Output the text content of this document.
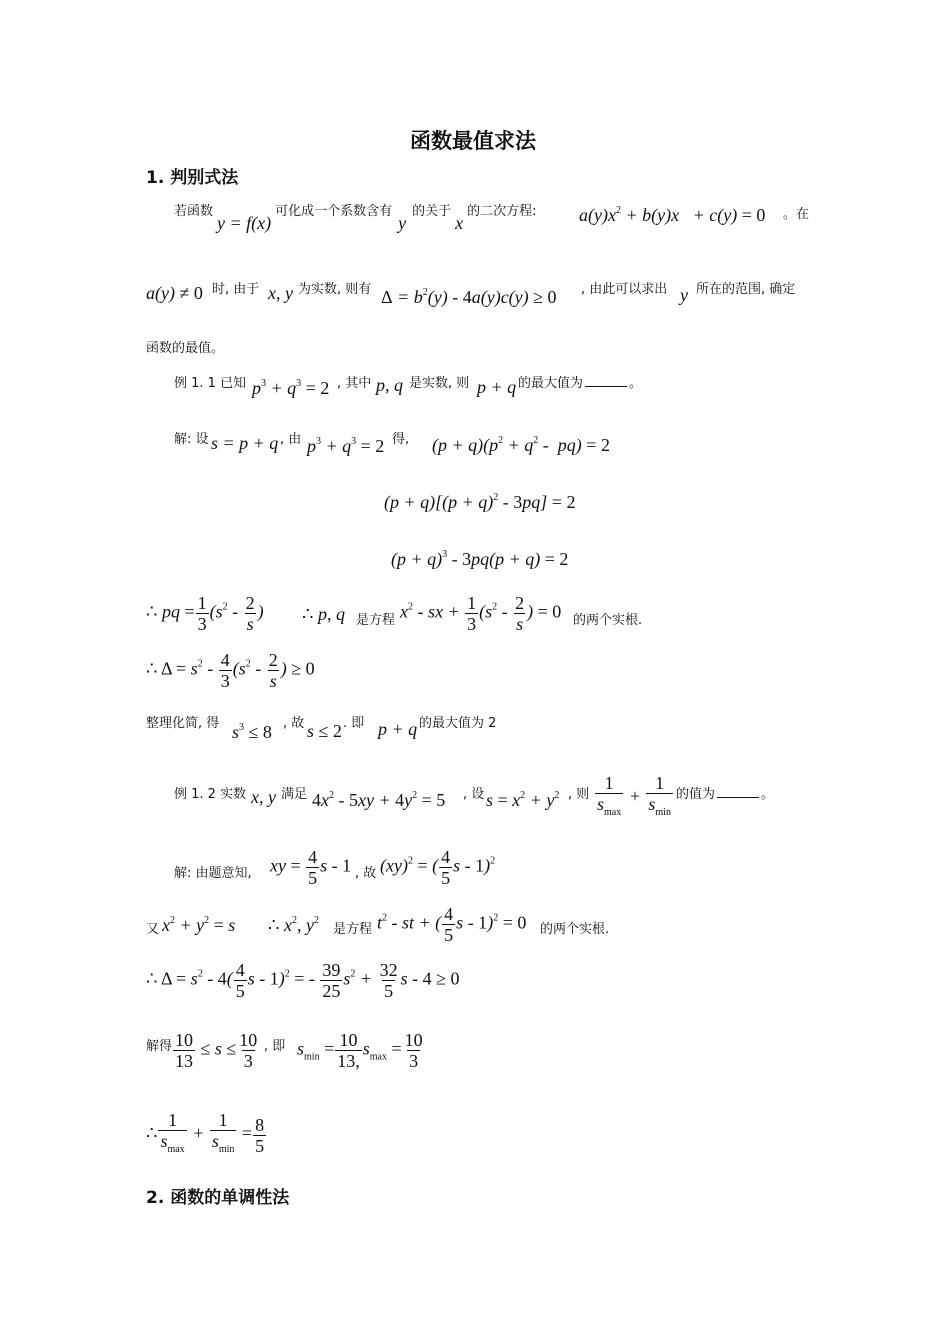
函数最值求法
1. 判别式法
$^{若函数}y = f(x)^{可化成一个系数含有}y^{的关于}x^{的二次方程:}$ $a(y)x^2 + b(y)x + c(y) = 0$ 。在
a(y) ≠ 0 时, 由于 x, y 为实数, 则有 $\Delta = b^2(y) - 4a(y)c(y) \ge 0$ , 由此可以求出 y 所在的范围, 确定
函数的最值。
例 1. 1 已知 $p^3 + q^3 = 2$ , 其中 p, q 是实数, 则 p + q 的最大值为	。
解: 设 s = p + q , 由 $p^3 + q^3 = 2$ 得, $(p + q)(p^2 + q^2 - pq) = 2$
$(p + q)[(p + q)^2 - 3pq] = 2$
$(p + q)^3 - 3pq(p + q) = 2$
∴ pq = $\frac{1}{3} (s^2 - \frac{2}{s}$ ) ∴ p, q 是方程 $x^2$ - sx + $\frac{1}{3} (s^2 - \frac{2}{s}$ ) = 0 的两个实根.
∴ $\Delta = s^2 - \frac{4}{3} (s^2 - \frac{2}{s}$ ) ≥ 0
整理化简, 得 $s^3 \le 8$ , 故 s ≤ 2 . 即 p + q 的最大值为 2
例 1. 2 实数 x, y 满足 $4x^2 - 5xy + 4y^2 = 5$ , 设 $s = x^2 + y^2$ , 则 $\frac{1}{s_{max}} + \frac{1}{s_{min}}$ 的值为	。
解: 由题意知, xy = $\frac{4}{5}$ s - 1 , 故 (xy)$^2$ = ( $\frac{4}{5}$ s - 1)$^2$
又 $x^2 + y^2 = s$ ∴ $x^2$, $y^2$
是方程 $t^2$ - st + ( $\frac{4}{5}$ s - 1)$^2$ = 0 的两个实根.
∴ $\Delta = s^2 - 4( \frac{4}{5}$ s - 1)$^2$ = - $\frac{39}{25} s^2 + \frac{32}{5}$ s - 4 ≥ 0
解得 $\frac{10}{13} \le s \le \frac{10}{3}$ , 即 $s_{min} = \frac{10}{13,} s_{max} = \frac{10}{3}$
∴ $\frac{1}{s_{max}} + \frac{1}{s_{min}} = \frac{8}{5}$
2. 函数的单调性法
